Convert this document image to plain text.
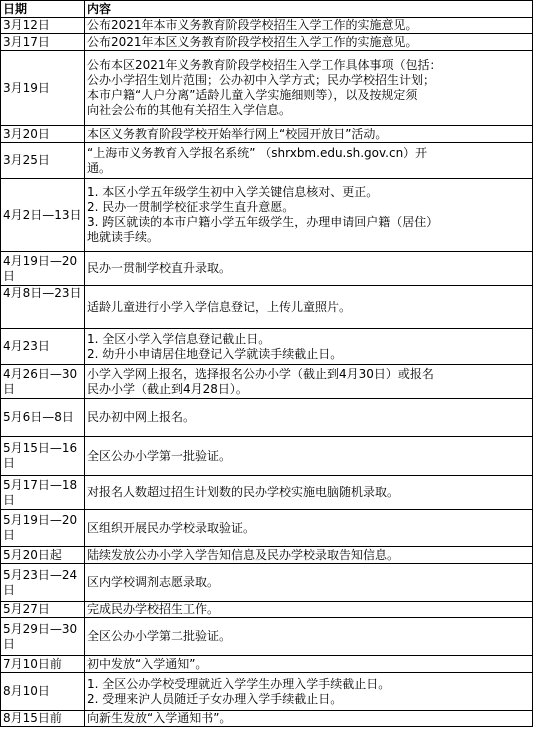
日期	内容
3月12日	公布2021年本市义务教育阶段学校招生入学工作的实施意见。

3月17日	公布2021年本区义务教育阶段学校招生入学工作的实施意见。

3月19日	公布本区2021年义务教育阶段学校招生入学工作具体事项（包括：
公办小学招生划片范围；公办初中入学方式；民办学校招生计划；
本市户籍“人户分离”适龄儿童入学实施细则等），以及按规定须
向社会公布的其他有关招生入学信息。

3月20日	本区义务教育阶段学校开始举行网上“校园开放日”活动。

3月25日	“上海市义务教育入学报名系统” （shrxbm.edu.sh.gov.cn）开
通。

4月2日—13日	1. 本区小学五年级学生初中入学关键信息核对、更正。
2. 民办一贯制学校征求学生直升意愿。
3. 跨区就读的本市户籍小学五年级学生，办理申请回户籍（居住）
地就读手续。

4月19日—20日	民办一贯制学校直升录取。

4月8日—23日	适龄儿童进行小学入学信息登记，上传儿童照片。

4月23日	1. 全区小学入学信息登记截止日。
2. 幼升小申请居住地登记入学就读手续截止日。

4月26日—30日	小学入学网上报名，选择报名公办小学（截止到4月30日）或报名
民办小学（截止到4月28日）。

5月6日—8日	民办初中网上报名。

5月15日—16日	全区公办小学第一批验证。

5月17日—18日	对报名人数超过招生计划数的民办学校实施电脑随机录取。

5月19日—20日	区组织开展民办学校录取验证。

5月20日起	陆续发放公办小学入学告知信息及民办学校录取告知信息。

5月23日—24日	区内学校调剂志愿录取。

5月27日	完成民办学校招生工作。

5月29日—30日	全区公办小学第二批验证。

7月10日前	初中发放“入学通知”。

8月10日	1. 全区公办学校受理就近入学学生办理入学手续截止日。
2. 受理来沪人员随迁子女办理入学手续截止日。

8月15日前	向新生发放“入学通知书”。
